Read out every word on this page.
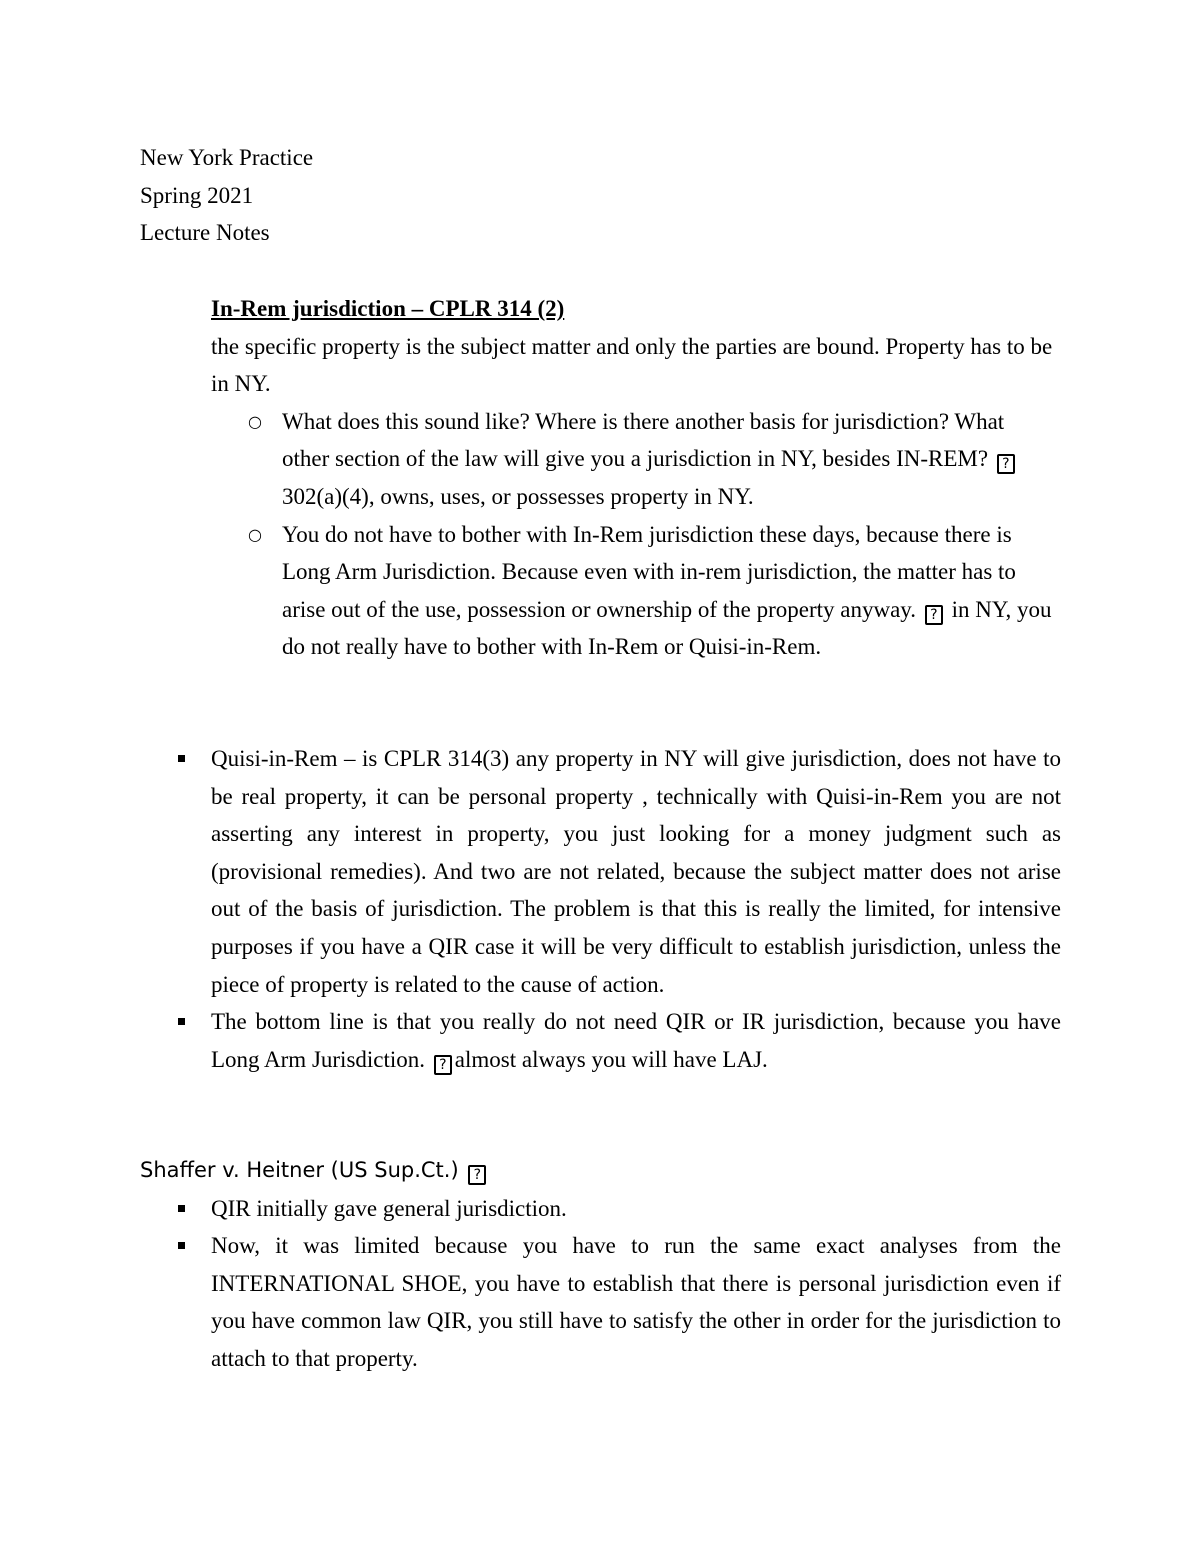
New York Practice
Spring 2021
Lecture Notes
In-Rem jurisdiction – CPLR 314 (2)

the specific property is the subject matter and only the parties are bound. Property has to be in NY.

○ What does this sound like? Where is there another basis for jurisdiction? What other section of the law will give you a jurisdiction in NY, besides IN-REM? ? 302(a)(4), owns, uses, or possesses property in NY.
○ You do not have to bother with In-Rem jurisdiction these days, because there is Long Arm Jurisdiction. Because even with in-rem jurisdiction, the matter has to arise out of the use, possession or ownership of the property anyway. ? in NY, you do not really have to bother with In-Rem or Quisi-in-Rem.
Quisi-in-Rem – is CPLR 314(3) any property in NY will give jurisdiction, does not have to be real property, it can be personal property , technically with Quisi-in-Rem you are not asserting any interest in property, you just looking for a money judgment such as (provisional remedies). And two are not related, because the subject matter does not arise out of the basis of jurisdiction. The problem is that this is really the limited, for intensive purposes if you have a QIR case it will be very difficult to establish jurisdiction, unless the piece of property is related to the cause of action.
The bottom line is that you really do not need QIR or IR jurisdiction, because you have Long Arm Jurisdiction. ? almost always you will have LAJ.
Shaffer v. Heitner (US Sup.Ct.) ?
QIR initially gave general jurisdiction.
Now, it was limited because you have to run the same exact analyses from the INTERNATIONAL SHOE, you have to establish that there is personal jurisdiction even if you have common law QIR, you still have to satisfy the other in order for the jurisdiction to attach to that property.
